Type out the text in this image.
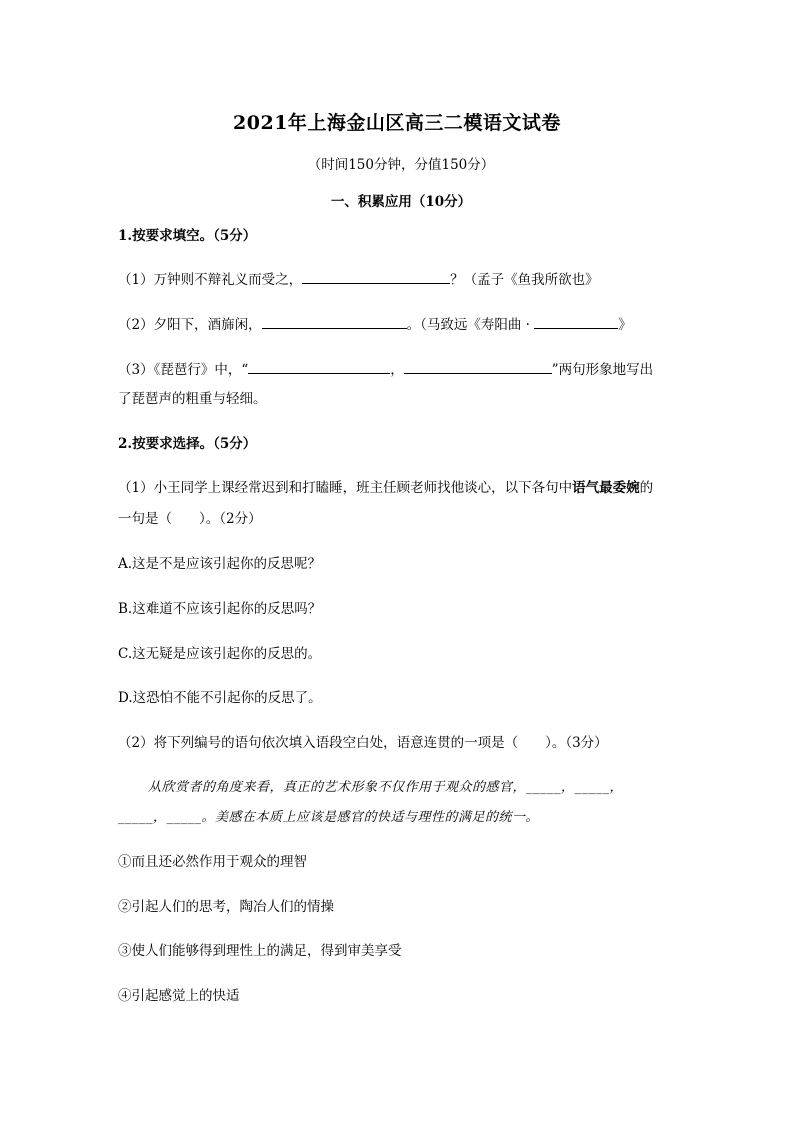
2021年上海金山区高三二模语文试卷
（时间150分钟，分值150分）
一、积累应用（10分）
1.按要求填空。（5分）
（1）万钟则不辩礼义而受之，	？（孟子《鱼我所欲也》
（2）夕阳下，酒旆闲，	。（马致远《寿阳曲 ·	》
（3）《琵琶行》中，“	，	”两句形象地写出
了琵琶声的粗重与轻细。
2.按要求选择。（5分）
（1）小王同学上课经常迟到和打瞌睡，班主任顾老师找他谈心，以下各句中语气最委婉的
一句是（　　）。（2分）
A.这是不是应该引起你的反思呢？
B.这难道不应该引起你的反思吗？
C.这无疑是应该引起你的反思的。
D.这恐怕不能不引起你的反思了。
（2）将下列编号的语句依次填入语段空白处，语意连贯的一项是（　　）。（3分）
从欣赏者的角度来看，真正的艺术形象不仅作用于观众的感官，_____，_____，
_____，_____。美感在本质上应该是感官的快适与理性的满足的统一。
①而且还必然作用于观众的理智
②引起人们的思考，陶冶人们的情操
③使人们能够得到理性上的满足，得到审美享受
④引起感觉上的快适
